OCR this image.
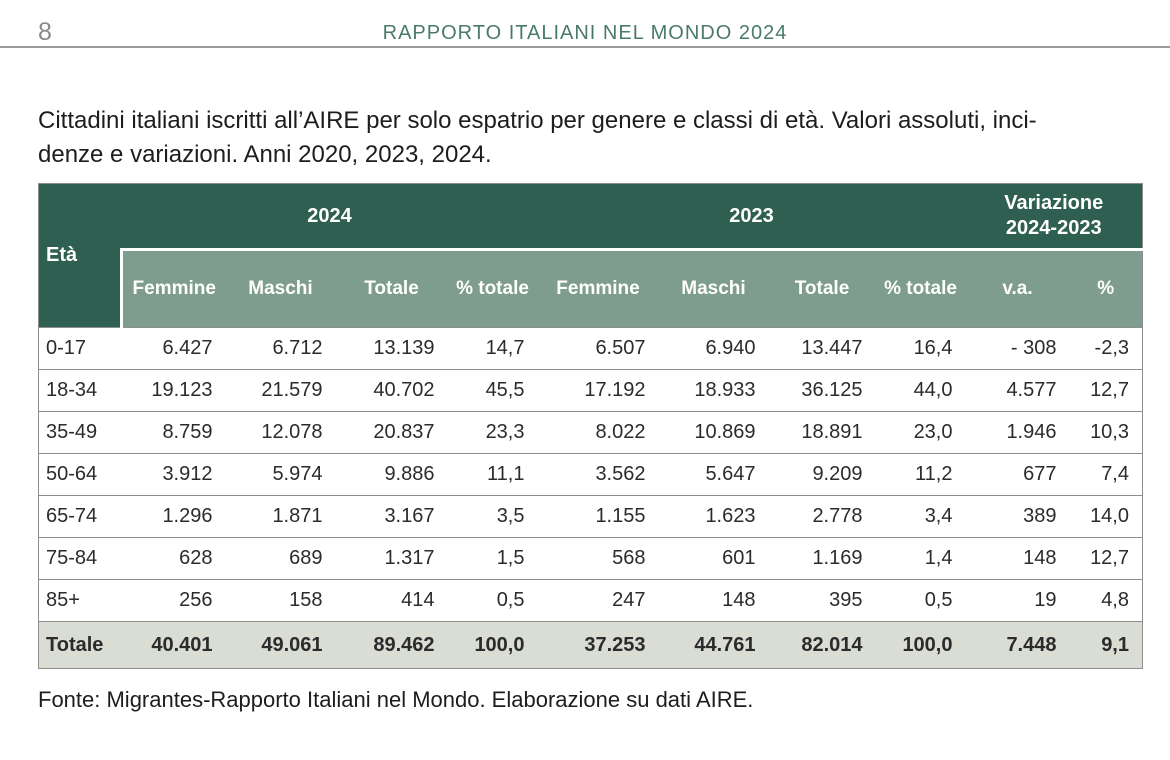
8	RAPPORTO ITALIANI NEL MONDO 2024

Cittadini italiani iscritti all’AIRE per solo espatrio per genere e classi di età. Valori assoluti, inci-
denze e variazioni. Anni 2020, 2023, 2024.

Età	2024				2023				Variazione
2024-2023	

	Femmine	Maschi	Totale	% totale	Femmine	Maschi	Totale	% totale	v.a.	%
0-17	6.427	6.712	13.139	14,7	6.507	6.940	13.447	16,4	- 308	-2,3
18-34	19.123	21.579	40.702	45,5	17.192	18.933	36.125	44,0	4.577	12,7
35-49	8.759	12.078	20.837	23,3	8.022	10.869	18.891	23,0	1.946	10,3
50-64	3.912	5.974	9.886	11,1	3.562	5.647	9.209	11,2	677	7,4
65-74	1.296	1.871	3.167	3,5	1.155	1.623	2.778	3,4	389	14,0
75-84	628	689	1.317	1,5	568	601	1.169	1,4	148	12,7
85+	256	158	414	0,5	247	148	395	0,5	19	4,8
Totale	40.401	49.061	89.462	100,0	37.253	44.761	82.014	100,0	7.448	9,1

Fonte: Migrantes-Rapporto Italiani nel Mondo. Elaborazione su dati AIRE.
